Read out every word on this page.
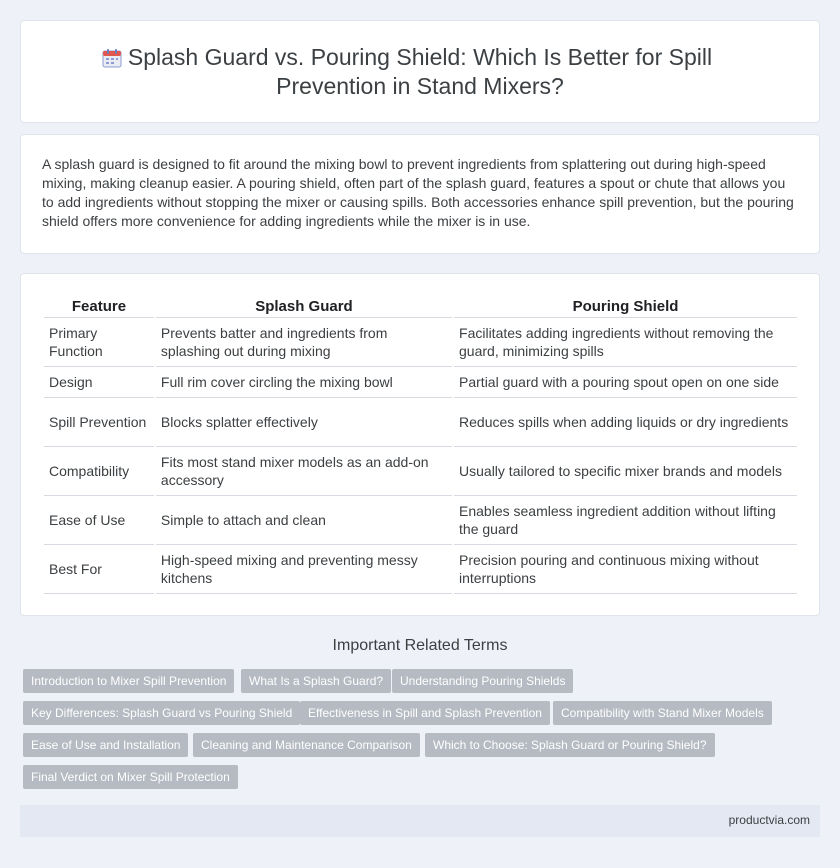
Splash Guard vs. Pouring Shield: Which Is Better for Spill Prevention in Stand Mixers?

A splash guard is designed to fit around the mixing bowl to prevent ingredients from splattering out during high-speed mixing, making cleanup easier. A pouring shield, often part of the splash guard, features a spout or chute that allows you to add ingredients without stopping the mixer or causing spills. Both accessories enhance spill prevention, but the pouring shield offers more convenience for adding ingredients while the mixer is in use.

Feature	Splash Guard	Pouring Shield
Primary Function	Prevents batter and ingredients from splashing out during mixing	Facilitates adding ingredients without removing the guard, minimizing spills
Design	Full rim cover circling the mixing bowl	Partial guard with a pouring spout open on one side
Spill Prevention	Blocks splatter effectively	Reduces spills when adding liquids or dry ingredients
Compatibility	Fits most stand mixer models as an add-on accessory	Usually tailored to specific mixer brands and models
Ease of Use	Simple to attach and clean	Enables seamless ingredient addition without lifting the guard
Best For	High-speed mixing and preventing messy kitchens	Precision pouring and continuous mixing without interruptions
Important Related Terms
Introduction to Mixer Spill Prevention	What Is a Splash Guard?	Understanding Pouring Shields
Key Differences: Splash Guard vs Pouring Shield	Effectiveness in Spill and Splash Prevention	Compatibility with Stand Mixer Models
Ease of Use and Installation	Cleaning and Maintenance Comparison	Which to Choose: Splash Guard or Pouring Shield?
Final Verdict on Mixer Spill Protection
productvia.com
